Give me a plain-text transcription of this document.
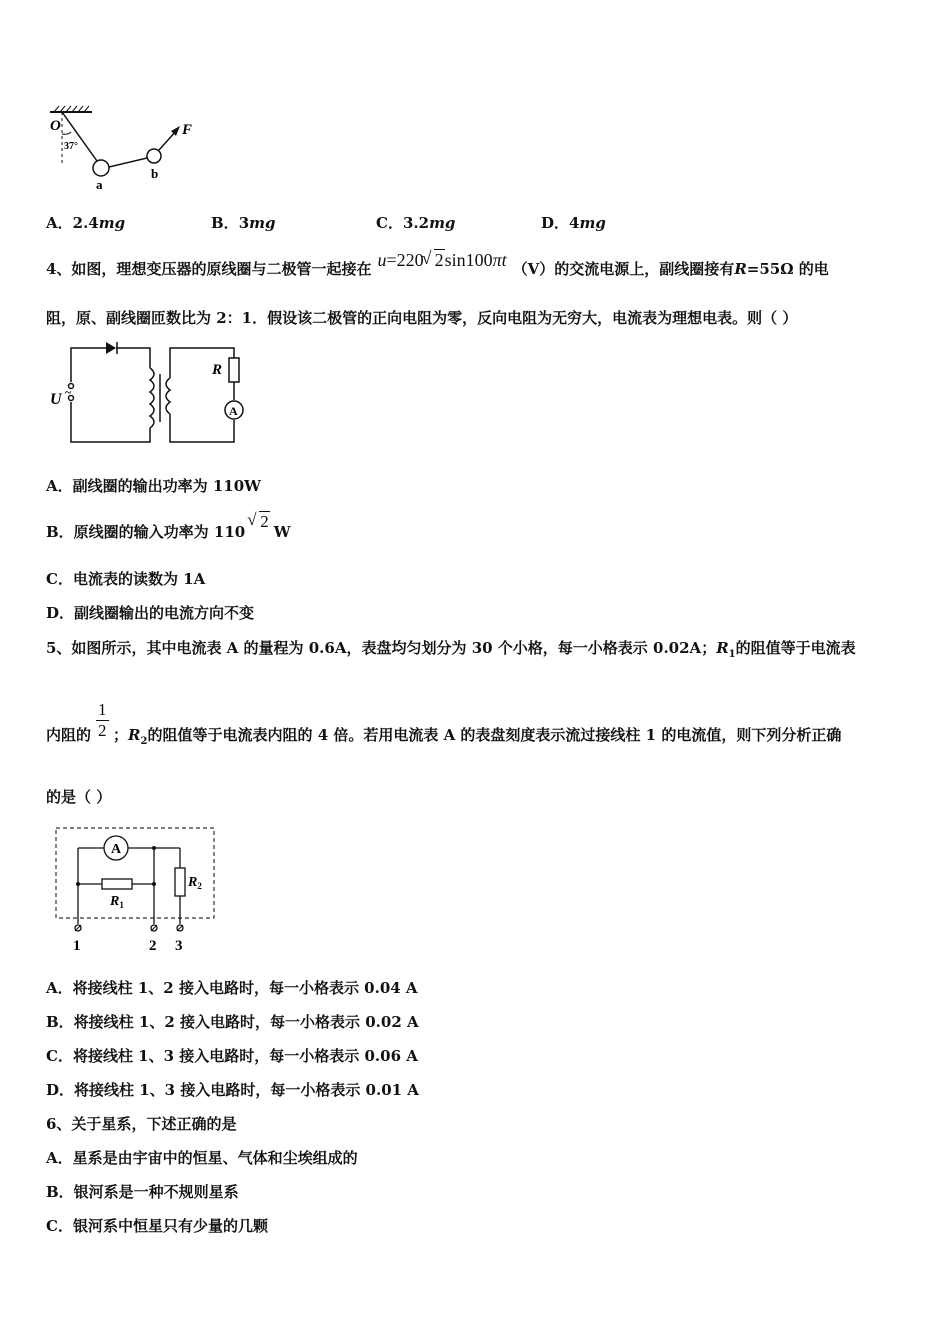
O
37°
a
b
F
A．2.4mg	B．3mg	C．3.2mg	D．4mg
4、如图，理想变压器的原线圈与二极管一起接在 u=220√ 2sin100πt （V）的交流电源上，副线圈接有R=55Ω 的电
阻，原、副线圈匝数比为 2：1．假设该二极管的正向电阻为零，反向电阻为无穷大，电流表为理想电表。则（ ）
U ~
R
A
A．副线圈的输出功率为 110W
B．原线圈的输入功率为 110√ 2W
C．电流表的读数为 1A
D．副线圈输出的电流方向不变
5、如图所示，其中电流表 A 的量程为 0.6A，表盘均匀划分为 30 个小格，每一小格表示 0.02A；$R_1$的阻值等于电流表
$\frac{1}{2}$
内阻的 ；$R_2$的阻值等于电流表内阻的 4 倍。若用电流表 A 的表盘刻度表示流过接线柱 1 的电流值，则下列分析正确
的是（ ）
A
$R_1$
$R_2$
1	2 3
A．将接线柱 1、2 接入电路时，每一小格表示 0.04 A
B．将接线柱 1、2 接入电路时，每一小格表示 0.02 A
C．将接线柱 1、3 接入电路时，每一小格表示 0.06 A
D．将接线柱 1、3 接入电路时，每一小格表示 0.01 A
6、关于星系，下述正确的是
A．星系是由宇宙中的恒星、气体和尘埃组成的
B．银河系是一种不规则星系
C．银河系中恒星只有少量的几颗
